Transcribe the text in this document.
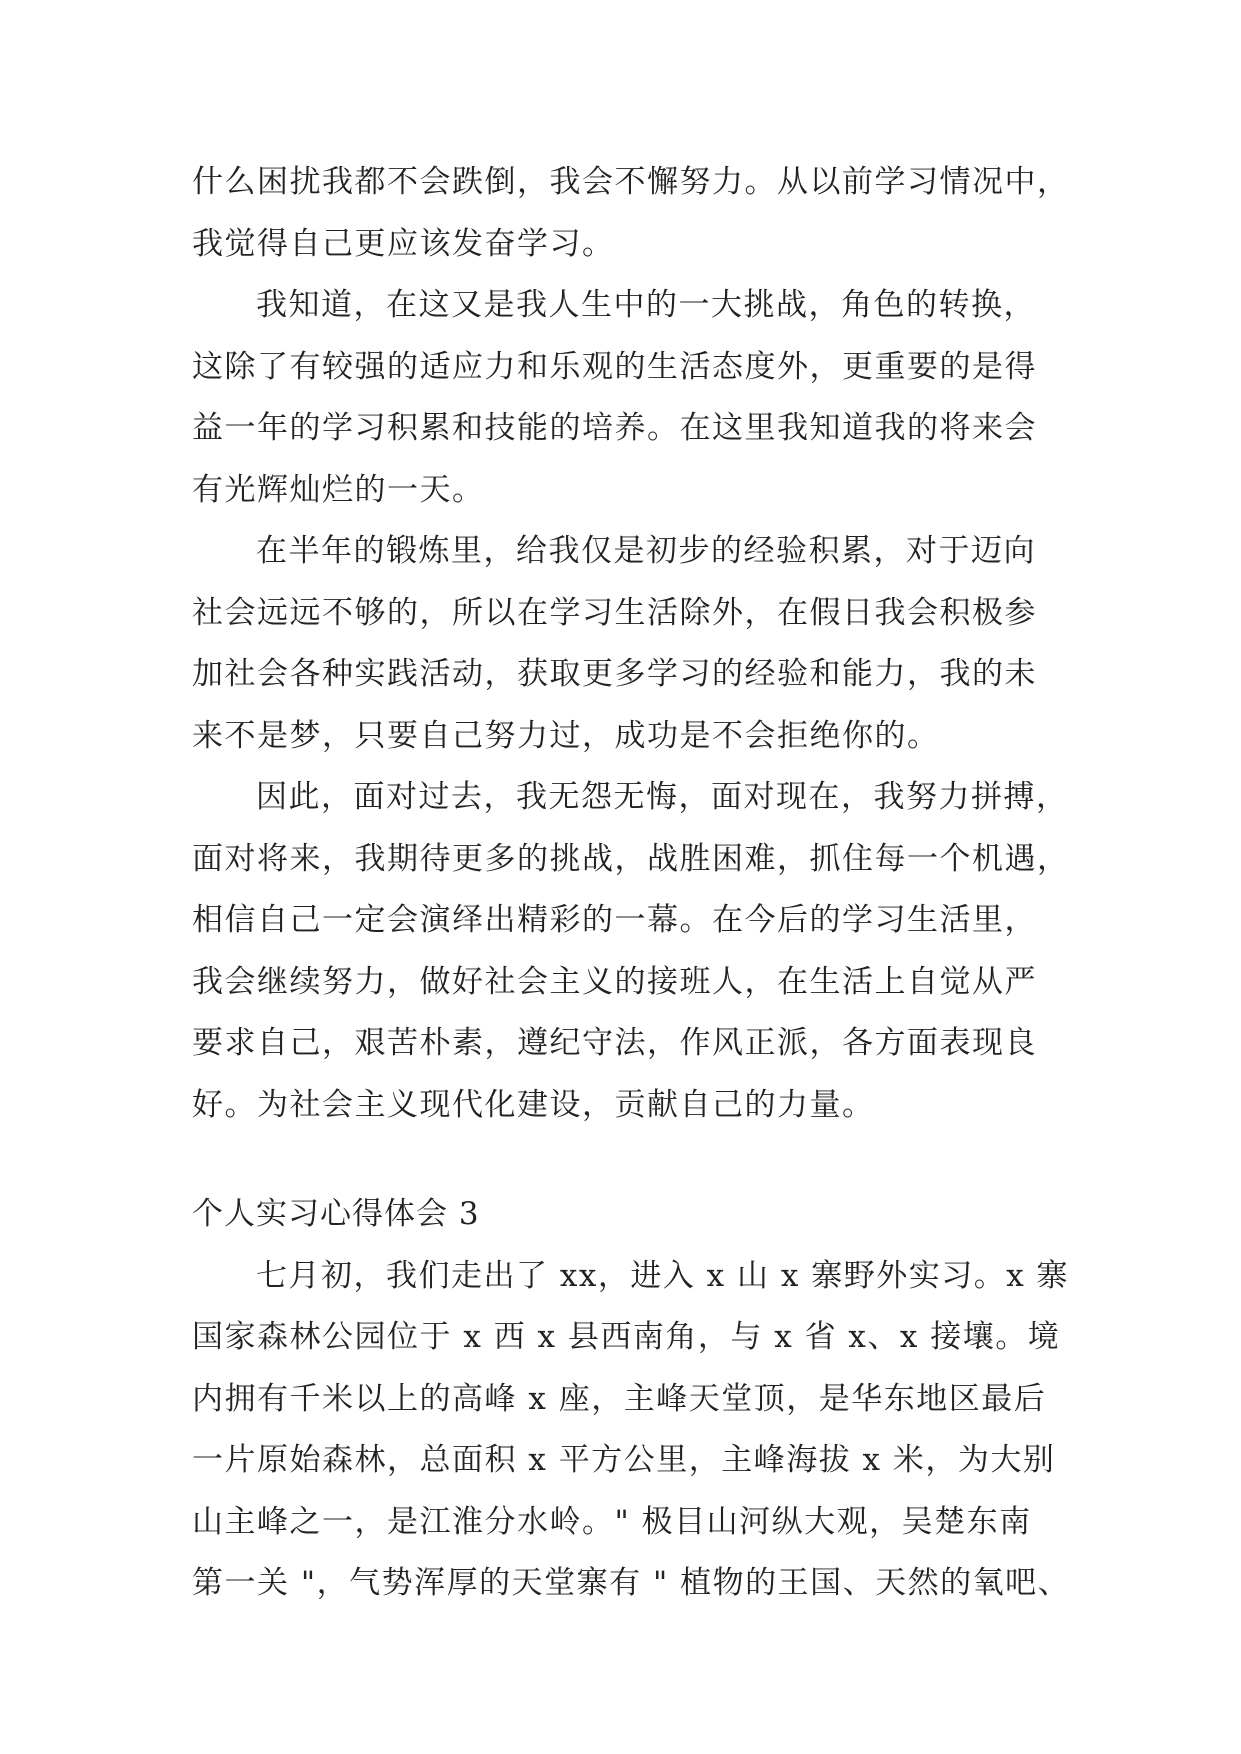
什么困扰我都不会跌倒，我会不懈努力。从以前学习情况中，
我觉得自己更应该发奋学习。
我知道，在这又是我人生中的一大挑战，角色的转换，
这除了有较强的适应力和乐观的生活态度外，更重要的是得
益一年的学习积累和技能的培养。在这里我知道我的将来会
有光辉灿烂的一天。
在半年的锻炼里，给我仅是初步的经验积累，对于迈向
社会远远不够的，所以在学习生活除外，在假日我会积极参
加社会各种实践活动，获取更多学习的经验和能力，我的未
来不是梦，只要自己努力过，成功是不会拒绝你的。
因此，面对过去，我无怨无悔，面对现在，我努力拼搏，
面对将来，我期待更多的挑战，战胜困难，抓住每一个机遇，
相信自己一定会演绎出精彩的一幕。在今后的学习生活里，
我会继续努力，做好社会主义的接班人，在生活上自觉从严
要求自己，艰苦朴素，遵纪守法，作风正派，各方面表现良
好。为社会主义现代化建设，贡献自己的力量。
个人实习心得体会 3
七月初，我们走出了 xx，进入 x 山 x 寨野外实习。x 寨
国家森林公园位于 x 西 x 县西南角，与 x 省 x、x 接壤。境
内拥有千米以上的高峰 x 座，主峰天堂顶，是华东地区最后
一片原始森林，总面积 x 平方公里，主峰海拔 x 米，为大别
山主峰之一，是江淮分水岭。" 极目山河纵大观，吴楚东南
第一关 "，气势浑厚的天堂寨有 " 植物的王国、天然的氧吧、
